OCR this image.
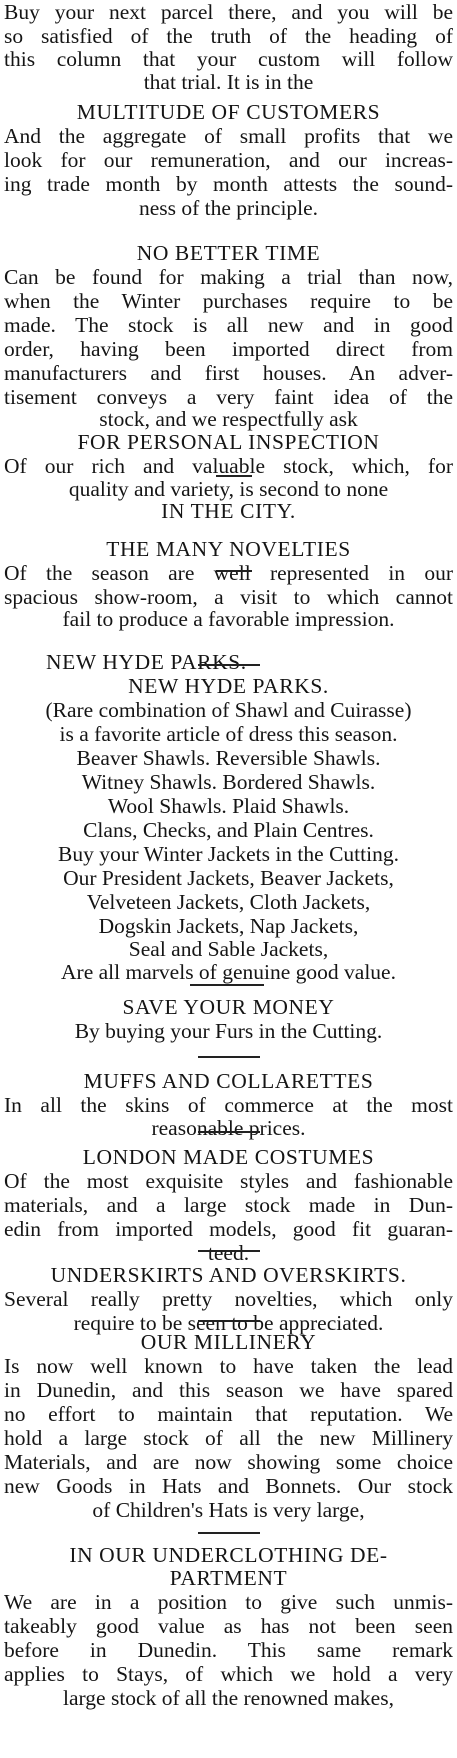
Buy your next parcel there, and you will be
so satisfied of the truth of the heading of
this column that your custom will follow
that trial. It is in the
MULTITUDE OF CUSTOMERS
And the aggregate of small profits that we
look for our remuneration, and our increas-
ing trade month by month attests the sound-
ness of the principle.
NO BETTER TIME
Can be found for making a trial than now,
when the Winter purchases require to be
made. The stock is all new and in good
order, having been imported direct from
manufacturers and first houses. An adver-
tisement conveys a very faint idea of the
stock, and we respectfully ask
FOR PERSONAL INSPECTION
Of our rich and valuable stock, which, for
quality and variety, is second to none
IN THE CITY.
THE MANY NOVELTIES
Of the season are well represented in our
spacious show-room, a visit to which cannot
fail to produce a favorable impression.
NEW HYDE PARKS.
NEW HYDE PARKS.
(Rare combination of Shawl and Cuirasse)
is a favorite article of dress this season.
Beaver Shawls. Reversible Shawls.
Witney Shawls. Bordered Shawls.
Wool Shawls. Plaid Shawls.
Clans, Checks, and Plain Centres.
Buy your Winter Jackets in the Cutting.
Our President Jackets, Beaver Jackets,
Velveteen Jackets, Cloth Jackets,
Dogskin Jackets, Nap Jackets,
Seal and Sable Jackets,
Are all marvels of genuine good value.
SAVE YOUR MONEY
By buying your Furs in the Cutting.
MUFFS AND COLLARETTES
In all the skins of commerce at the most
reasonable prices.
LONDON MADE COSTUMES
Of the most exquisite styles and fashionable
materials, and a large stock made in Dun-
edin from imported models, good fit guaran-
teed.
UNDERSKIRTS AND OVERSKIRTS.
Several really pretty novelties, which only
require to be seen to be appreciated.
OUR MILLINERY
Is now well known to have taken the lead
in Dunedin, and this season we have spared
no effort to maintain that reputation. We
hold a large stock of all the new Millinery
Materials, and are now showing some choice
new Goods in Hats and Bonnets. Our stock
of Children's Hats is very large,
IN OUR UNDERCLOTHING DE-
PARTMENT
We are in a position to give such unmis-
takeably good value as has not been seen
before in Dunedin. This same remark
applies to Stays, of which we hold a very
large stock of all the renowned makes,
